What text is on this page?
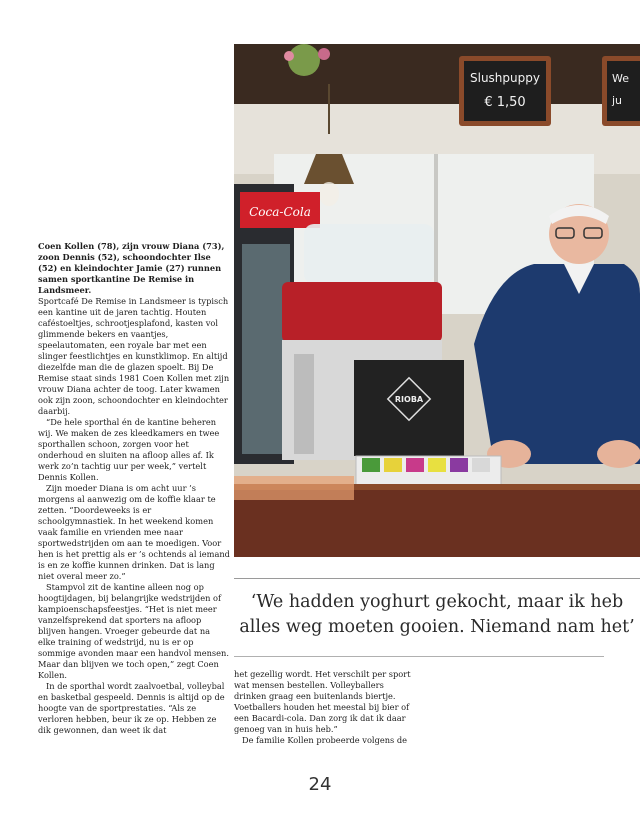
Coen Kollen (78), zijn vrouw Diana (73), zoon Dennis (52), schoondochter Ilse (52) en kleindochter Jamie (27) runnen samen sportkantine De Remise in Landsmeer.

Sportcafé De Remise in Landsmeer is typisch een kantine uit de jaren tachtig. Houten caféstoeltjes, schrootjesplafond, kasten vol glimmende bekers en vaantjes, speelautomaten, een royale bar met een slinger feestlichtjes en kunstklimop. En altijd diezelfde man die de glazen spoelt. Bij De Remise staat sinds 1981 Coen Kollen met zijn vrouw Diana achter de toog. Later kwamen ook zijn zoon, schoondochter en kleindochter daarbij.

“De hele sporthal én de kantine beheren wij. We maken de zes kleedkamers en twee sporthallen schoon, zorgen voor het onderhoud en sluiten na afloop alles af. Ik werk zo’n tachtig uur per week,” vertelt Dennis Kollen.

Zijn moeder Diana is om acht uur ’s morgens al aanwezig om de koffie klaar te zetten. “Doordeweeks is er schoolgymnastiek. In het weekend komen vaak familie en vrienden mee naar sportwedstrijden om aan te moedigen. Voor hen is het prettig als er ’s ochtends al iemand is en ze koffie kunnen drinken. Dat is lang niet overal meer zo.”

Stampvol zit de kantine alleen nog op hoogtijdagen, bij belangrijke wedstrijden of kampioenschapsfeestjes. “Het is niet meer vanzelfsprekend dat sporters na afloop blijven hangen. Vroeger gebeurde dat na elke training of wedstrijd, nu is er op sommige avonden maar een handvol mensen. Maar dan blijven we toch open,” zegt Coen Kollen.

In de sporthal wordt zaalvoetbal, volleybal en basketbal gespeeld. Dennis is altijd op de hoogte van de sportprestaties. “Als ze verloren hebben, beur ik ze op. Hebben ze dik gewonnen, dan weet ik dat

Slushpuppy
€ 1,50
We
ju
Coca-Cola
RIOBA

‘We hadden yoghurt gekocht, maar ik heb alles weg moeten gooien. Niemand nam het’

het gezellig wordt. Het verschilt per sport wat mensen bestellen. Volleyballers drinken graag een buitenlands biertje. Voetballers houden het meestal bij bier of een Bacardi-cola. Dan zorg ik dat ik daar genoeg van in huis heb.”

De familie Kollen probeerde volgens de

24
